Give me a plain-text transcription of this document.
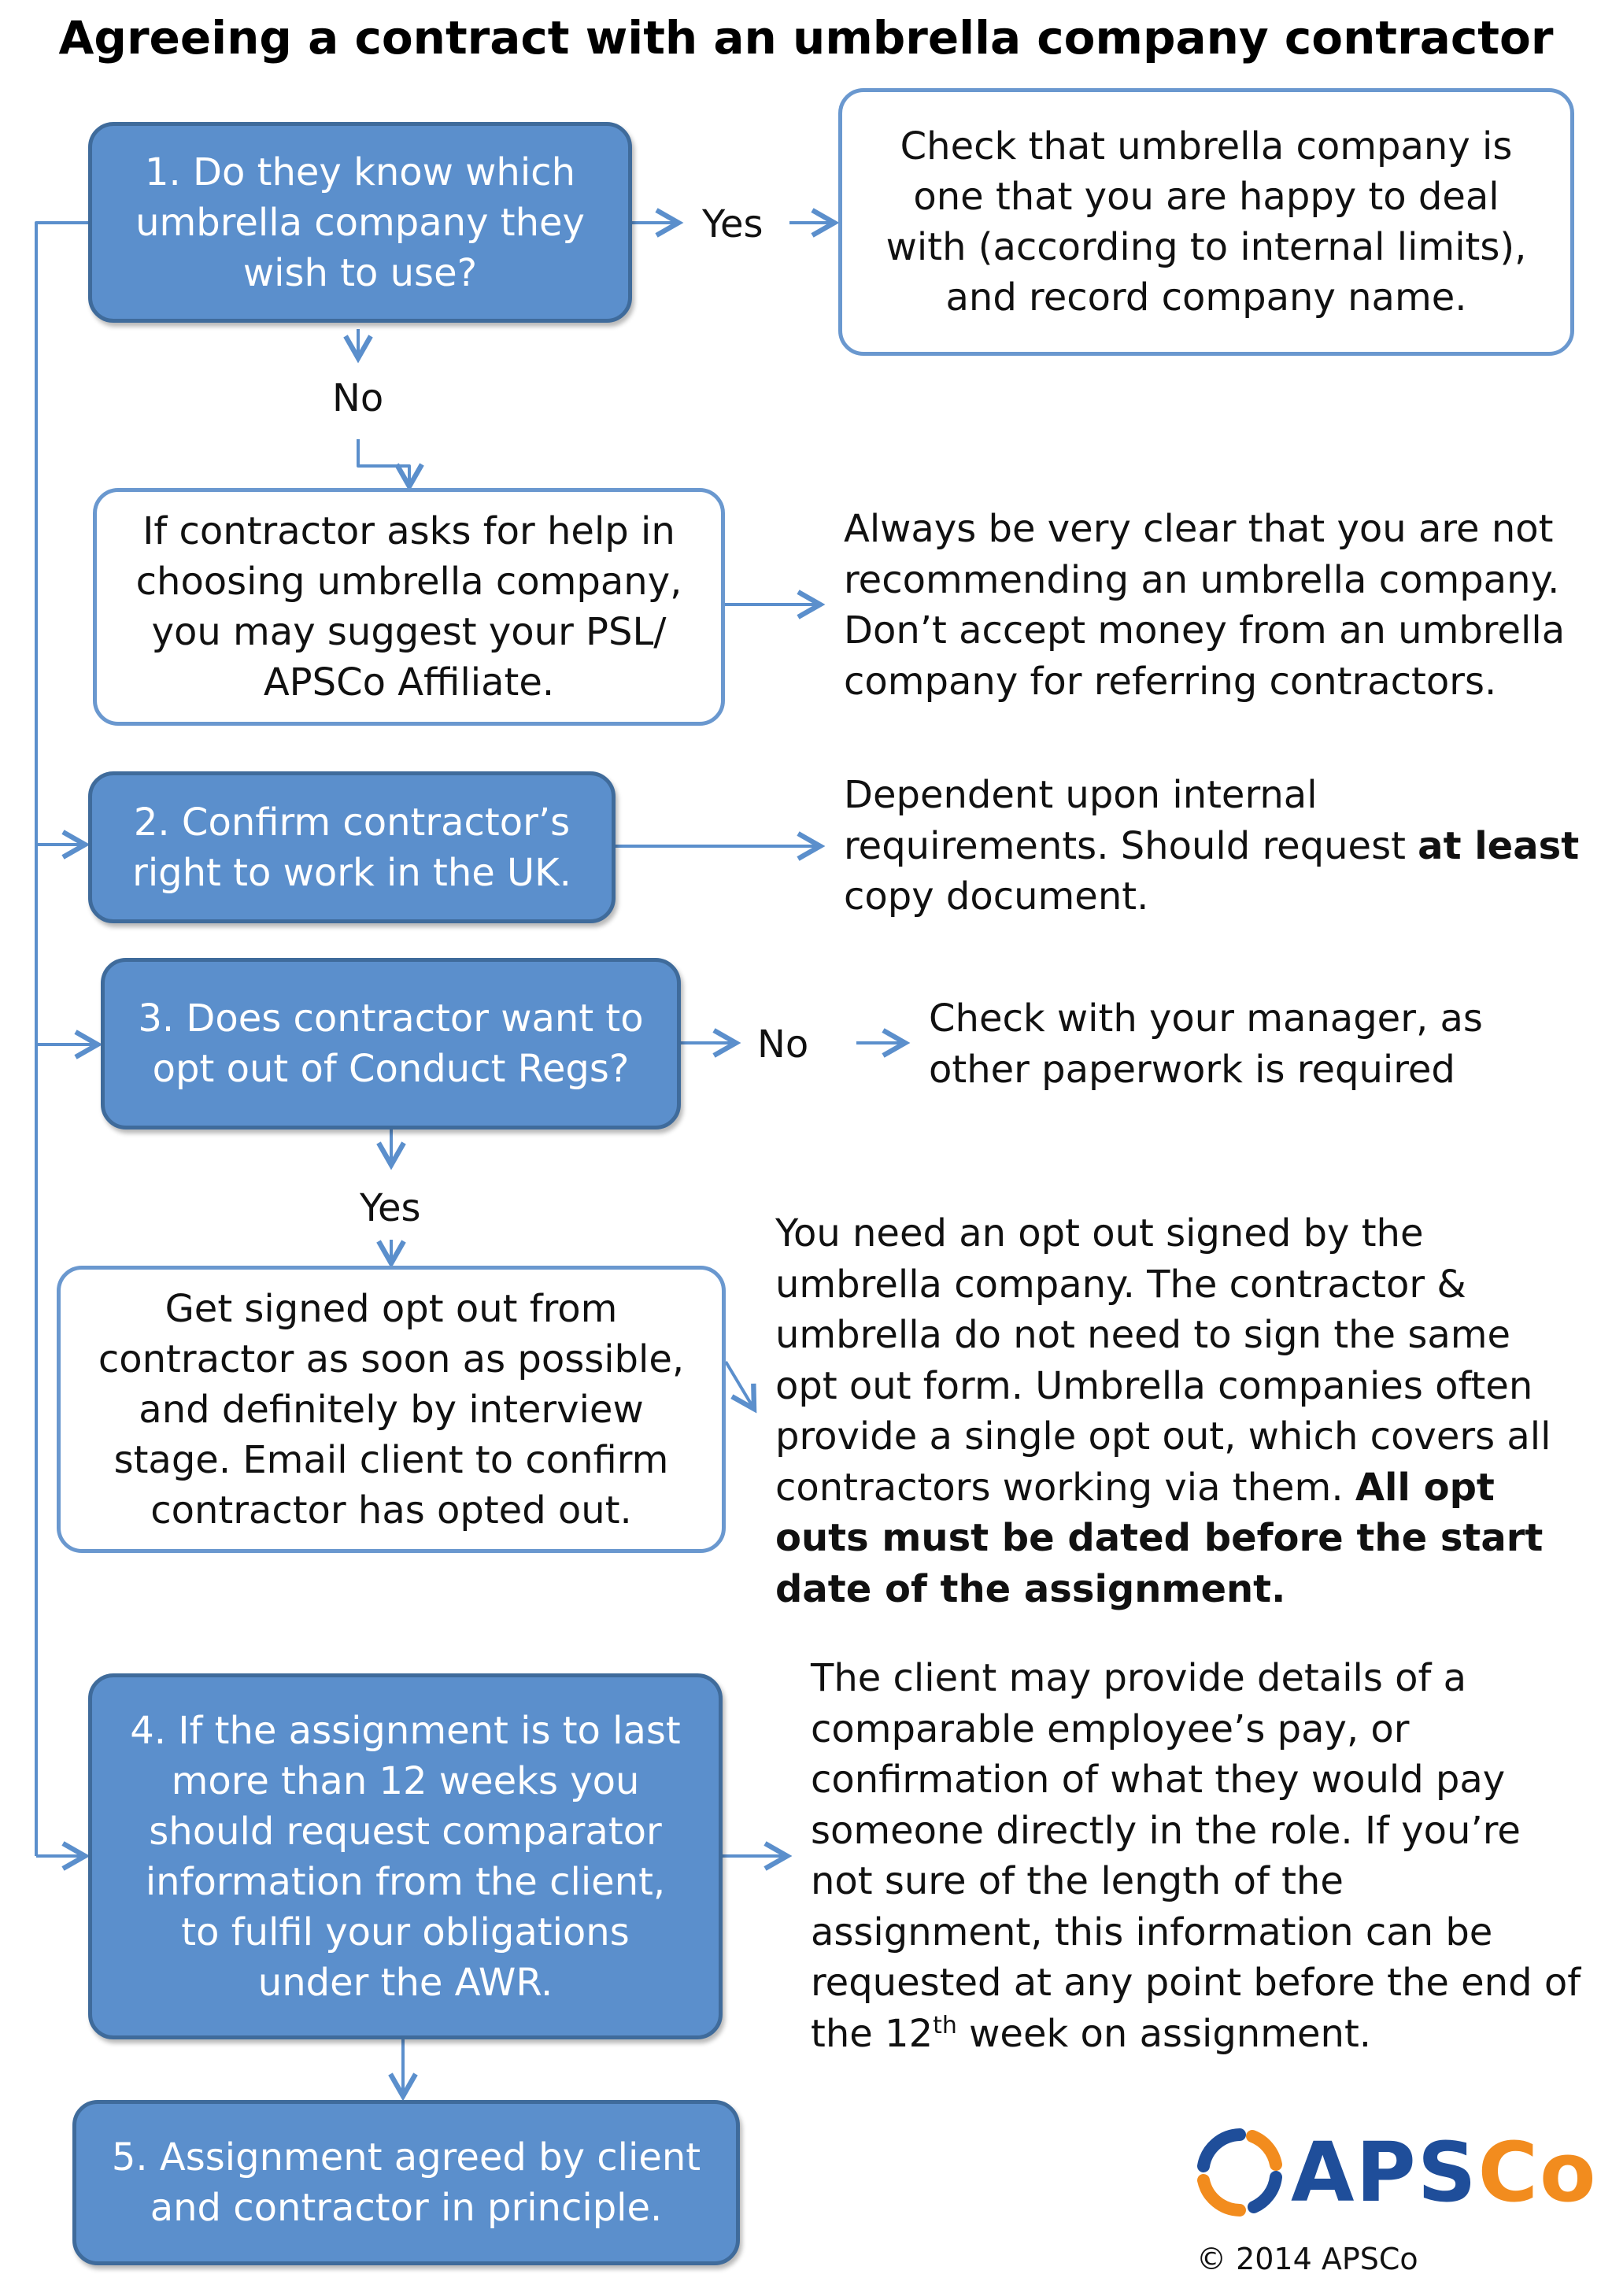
Agreeing a contract with an umbrella company contractor
1. Do they know which umbrella company they wish to use?
Yes
Check that umbrella company is one that you are happy to deal with (according to internal limits), and record company name.
No
If contractor asks for help in choosing umbrella company, you may suggest your PSL/ APSCo Affiliate.
Always be very clear that you are not recommending an umbrella company. Don’t accept money from an umbrella company for referring contractors.
2. Confirm contractor’s right to work in the UK.
Dependent upon internal requirements. Should request at least copy document.
3. Does contractor want to opt out of Conduct Regs?
No
Check with your manager, as other paperwork is required
Yes
Get signed opt out from contractor as soon as possible, and definitely by interview stage. Email client to confirm contractor has opted out.
You need an opt out signed by the umbrella company. The contractor & umbrella do not need to sign the same opt out form. Umbrella companies often provide a single opt out, which covers all contractors working via them. All opt outs must be dated before the start date of the assignment.
4. If the assignment is to last more than 12 weeks you should request comparator information from the client, to fulfil your obligations under the AWR.
The client may provide details of a comparable employee’s pay, or confirmation of what they would pay someone directly in the role. If you’re not sure of the length of the assignment, this information can be requested at any point before the end of the 12th week on assignment.
5. Assignment agreed by client and contractor in principle.	APSCo
© 2014 APSCo
